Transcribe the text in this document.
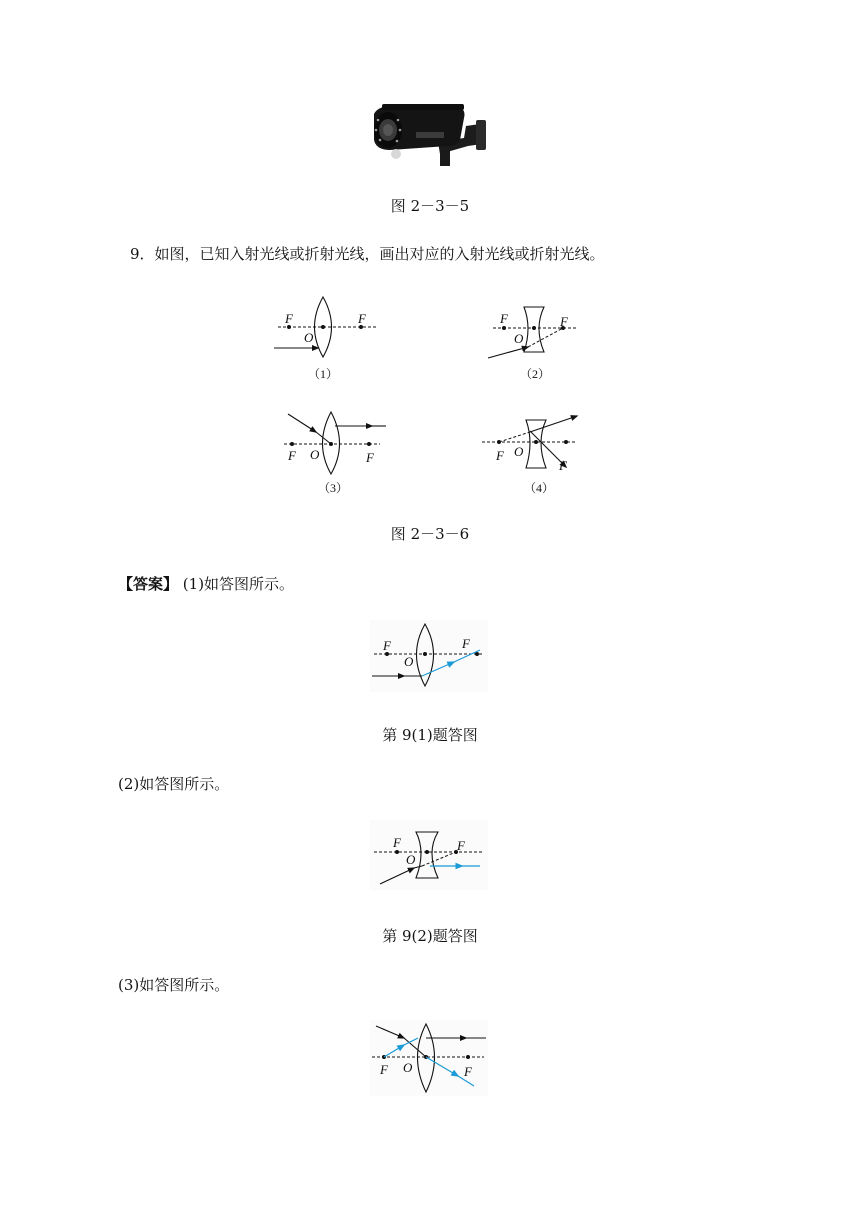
图 2－3－5
9．如图，已知入射光线或折射光线，画出对应的入射光线或折射光线。
F	F
O
（1）
F	F
O
（2）
F	F
O
（3）
F
F
O
（4）
图 2－3－6
【答案】 (1)如答图所示。
F	F
O
第 9(1)题答图
(2)如答图所示。
F	F
O
第 9(2)题答图
(3)如答图所示。
F	F
O
